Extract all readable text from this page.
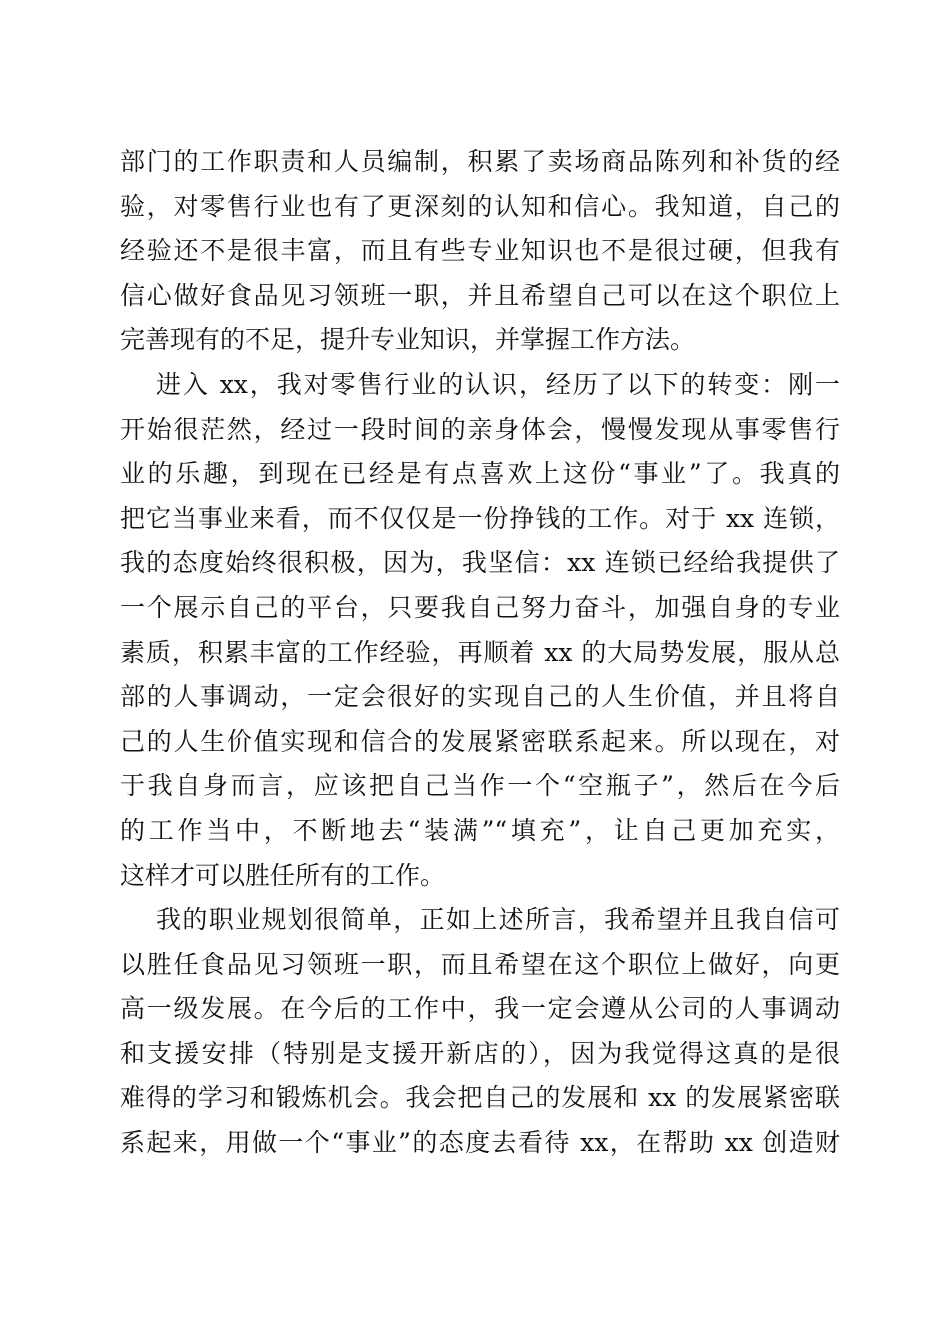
部门的工作职责和人员编制，积累了卖场商品陈列和补货的经
验，对零售行业也有了更深刻的认知和信心。我知道，自己的
经验还不是很丰富，而且有些专业知识也不是很过硬，但我有
信心做好食品见习领班一职，并且希望自己可以在这个职位上
完善现有的不足，提升专业知识，并掌握工作方法。
进入 xx，我对零售行业的认识，经历了以下的转变：刚一
开始很茫然，经过一段时间的亲身体会，慢慢发现从事零售行
业的乐趣，到现在已经是有点喜欢上这份“事业”了。我真的
把它当事业来看，而不仅仅是一份挣钱的工作。对于 xx 连锁，
我的态度始终很积极，因为，我坚信：xx 连锁已经给我提供了
一个展示自己的平台，只要我自己努力奋斗，加强自身的专业
素质，积累丰富的工作经验，再顺着 xx 的大局势发展，服从总
部的人事调动，一定会很好的实现自己的人生价值，并且将自
己的人生价值实现和信合的发展紧密联系起来。所以现在，对
于我自身而言，应该把自己当作一个“空瓶子”，然后在今后
的工作当中，不断地去“装满”“填充”，让自己更加充实，
这样才可以胜任所有的工作。
我的职业规划很简单，正如上述所言，我希望并且我自信可
以胜任食品见习领班一职，而且希望在这个职位上做好，向更
高一级发展。在今后的工作中，我一定会遵从公司的人事调动
和支援安排（特别是支援开新店的），因为我觉得这真的是很
难得的学习和锻炼机会。我会把自己的发展和 xx 的发展紧密联
系起来，用做一个“事业”的态度去看待 xx，在帮助 xx 创造财
